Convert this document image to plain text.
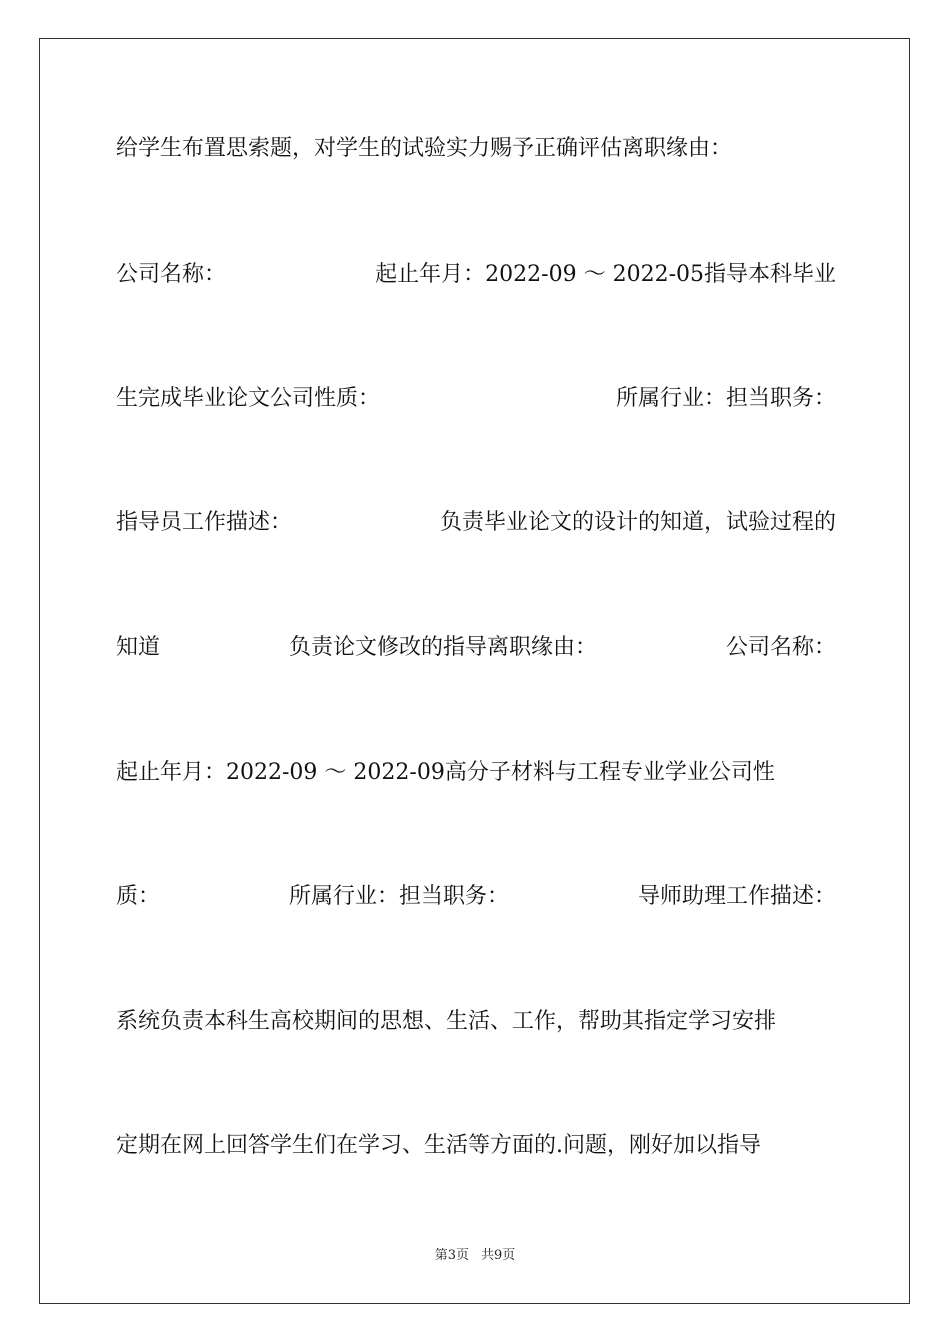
给学生布置思索题，对学生的试验实力赐予正确评估离职缘由：
公司名称：	起止年月：2022-09 ～ 2022-05指导本科毕业
生完成毕业论文公司性质：	所属行业：担当职务：
指导员工作描述：	负责毕业论文的设计的知道，试验过程的
知道	负责论文修改的指导离职缘由：	公司名称：
起止年月：2022-09 ～ 2022-09高分子材料与工程专业学业公司性
质：	所属行业：担当职务：	导师助理工作描述：
系统负责本科生高校期间的思想、生活、工作，帮助其指定学习安排
定期在网上回答学生们在学习、生活等方面的.问题，刚好加以指导
第3页 共9页
